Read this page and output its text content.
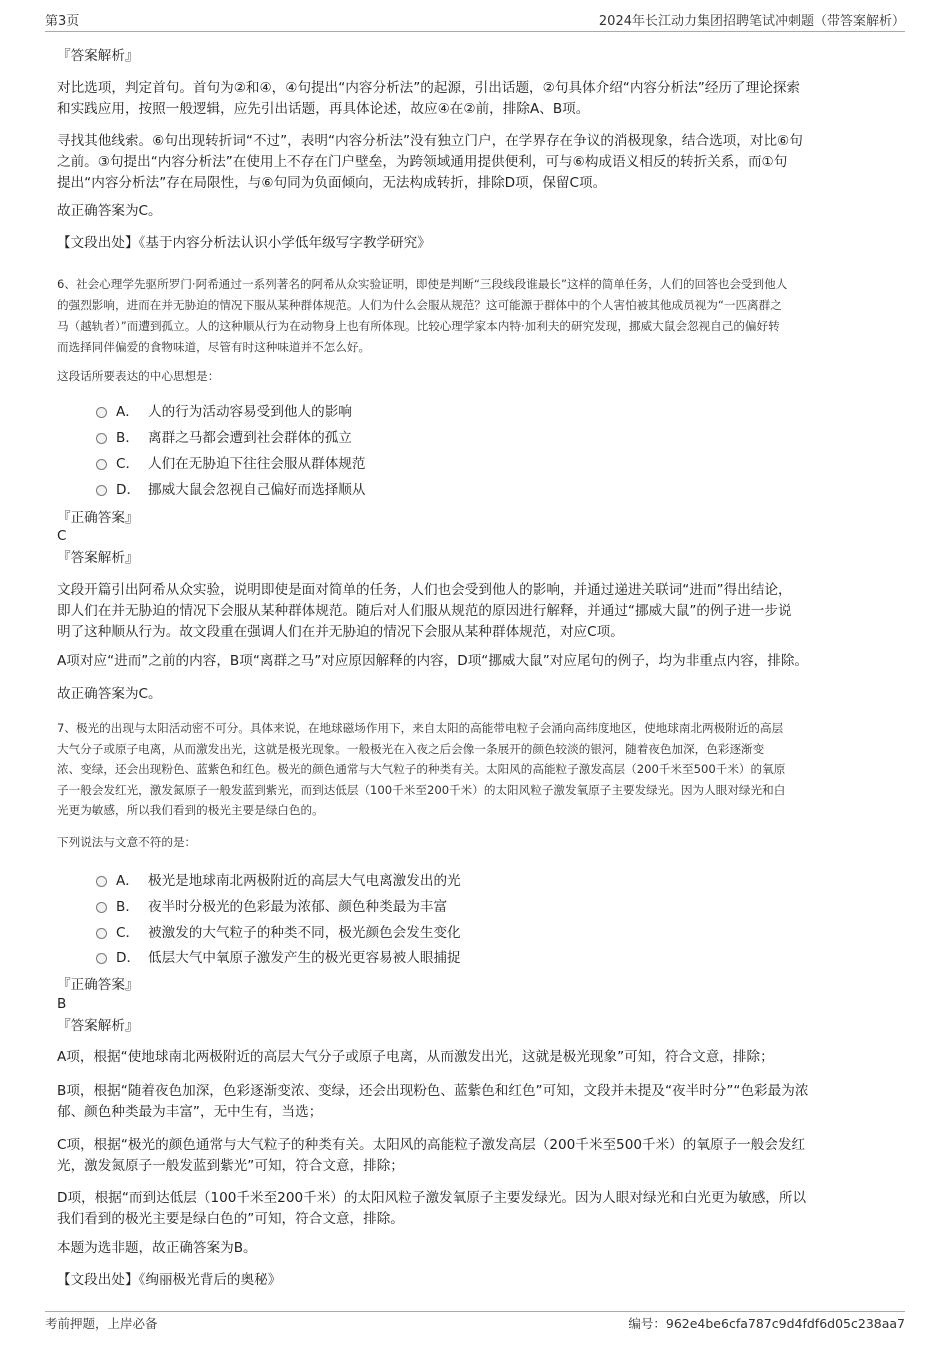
第3页	2024年长江动力集团招聘笔试冲刺题（带答案解析）
『答案解析』
对比选项，判定首句。首句为②和④，④句提出“内容分析法”的起源，引出话题，②句具体介绍“内容分析法”经历了理论探索
和实践应用，按照一般逻辑，应先引出话题，再具体论述，故应④在②前，排除A、B项。
寻找其他线索。⑥句出现转折词“不过”，表明“内容分析法”没有独立门户，在学界存在争议的消极现象，结合选项，对比⑥句
之前。③句提出“内容分析法”在使用上不存在门户壁垒，为跨领域通用提供便利，可与⑥构成语义相反的转折关系，而①句
提出“内容分析法”存在局限性，与⑥句同为负面倾向，无法构成转折，排除D项，保留C项。
故正确答案为C。
【文段出处】《基于内容分析法认识小学低年级写字教学研究》
6、社会心理学先驱所罗门·阿希通过一系列著名的阿希从众实验证明，即使是判断“三段线段谁最长”这样的简单任务，人们的回答也会受到他人
的强烈影响，进而在并无胁迫的情况下服从某种群体规范。人们为什么会服从规范？这可能源于群体中的个人害怕被其他成员视为“一匹离群之
马（越轨者）”而遭到孤立。人的这种顺从行为在动物身上也有所体现。比较心理学家本内特·加利夫的研究发现，挪威大鼠会忽视自己的偏好转
而选择同伴偏爱的食物味道，尽管有时这种味道并不怎么好。
这段话所要表达的中心思想是：
A． 人的行为活动容易受到他人的影响
B． 离群之马都会遭到社会群体的孤立
C． 人们在无胁迫下往往会服从群体规范
D． 挪威大鼠会忽视自己偏好而选择顺从
『正确答案』
C
『答案解析』
文段开篇引出阿希从众实验，说明即使是面对简单的任务，人们也会受到他人的影响，并通过递进关联词“进而”得出结论，
即人们在并无胁迫的情况下会服从某种群体规范。随后对人们服从规范的原因进行解释，并通过“挪威大鼠”的例子进一步说
明了这种顺从行为。故文段重在强调人们在并无胁迫的情况下会服从某种群体规范，对应C项。
A项对应“进而”之前的内容，B项“离群之马”对应原因解释的内容，D项“挪威大鼠”对应尾句的例子，均为非重点内容，排除。
故正确答案为C。
7、极光的出现与太阳活动密不可分。具体来说，在地球磁场作用下，来自太阳的高能带电粒子会涌向高纬度地区，使地球南北两极附近的高层
大气分子或原子电离，从而激发出光，这就是极光现象。一般极光在入夜之后会像一条展开的颜色较淡的银河，随着夜色加深，色彩逐渐变
浓、变绿，还会出现粉色、蓝紫色和红色。极光的颜色通常与大气粒子的种类有关。太阳风的高能粒子激发高层（200千米至500千米）的氧原
子一般会发红光，激发氮原子一般发蓝到紫光，而到达低层（100千米至200千米）的太阳风粒子激发氧原子主要发绿光。因为人眼对绿光和白
光更为敏感，所以我们看到的极光主要是绿白色的。
下列说法与文意不符的是：
A． 极光是地球南北两极附近的高层大气电离激发出的光
B． 夜半时分极光的色彩最为浓郁、颜色种类最为丰富
C． 被激发的大气粒子的种类不同，极光颜色会发生变化
D． 低层大气中氧原子激发产生的极光更容易被人眼捕捉
『正确答案』
B
『答案解析』
A项，根据“使地球南北两极附近的高层大气分子或原子电离，从而激发出光，这就是极光现象”可知，符合文意，排除；
B项，根据“随着夜色加深，色彩逐渐变浓、变绿，还会出现粉色、蓝紫色和红色”可知，文段并未提及“夜半时分”“色彩最为浓
郁、颜色种类最为丰富”，无中生有，当选；
C项，根据“极光的颜色通常与大气粒子的种类有关。太阳风的高能粒子激发高层（200千米至500千米）的氧原子一般会发红
光，激发氮原子一般发蓝到紫光”可知，符合文意，排除；
D项，根据“而到达低层（100千米至200千米）的太阳风粒子激发氧原子主要发绿光。因为人眼对绿光和白光更为敏感，所以
我们看到的极光主要是绿白色的”可知，符合文意，排除。
本题为选非题，故正确答案为B。
【文段出处】《绚丽极光背后的奥秘》
考前押题，上岸必备	编号：962e4be6cfa787c9d4fdf6d05c238aa7
